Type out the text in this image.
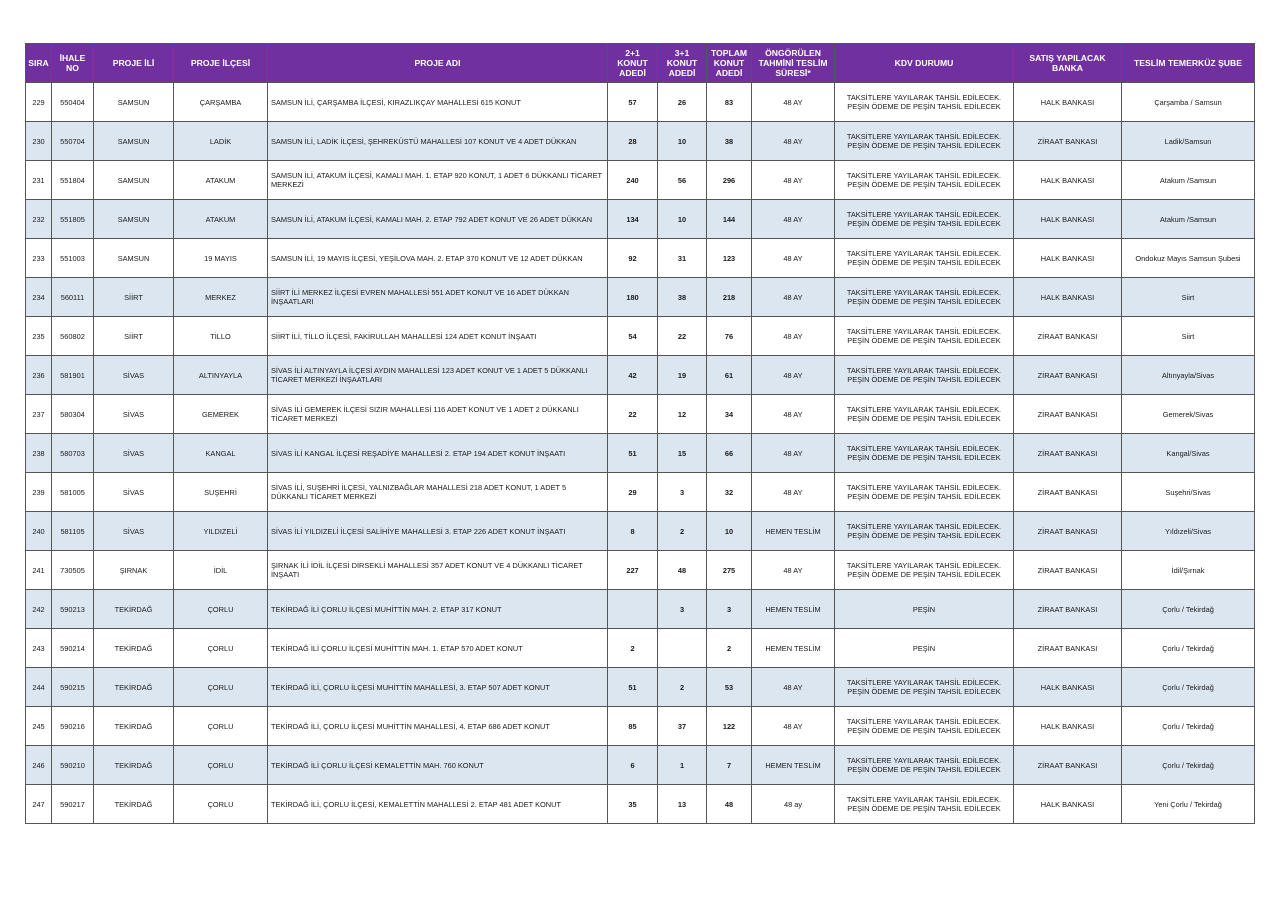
SIRA	İHALE NO	PROJE İLİ	PROJE İLÇESİ	PROJE ADI	2+1 KONUT ADEDİ	3+1 KONUT ADEDİ	TOPLAM KONUT ADEDİ	ÖNGÖRÜLEN TAHMİNİ TESLİM SÜRESİ*	KDV DURUMU	SATIŞ YAPILACAK BANKA	TESLİM TEMERKÜZ ŞUBE
229	550404	SAMSUN	ÇARŞAMBA	SAMSUN İLİ, ÇARŞAMBA İLÇESİ, KIRAZLIKÇAY MAHALLESİ 615 KONUT	57	26	83	48 AY	TAKSİTLERE YAYILARAK TAHSİL EDİLECEK. PEŞİN ÖDEME DE PEŞİN TAHSİL EDİLECEK	HALK BANKASI	Çarşamba / Samsun
230	550704	SAMSUN	LADİK	SAMSUN İLİ, LADİK İLÇESİ, ŞEHREKÜSTÜ MAHALLESİ 107 KONUT VE 4 ADET DÜKKAN	28	10	38	48 AY	TAKSİTLERE YAYILARAK TAHSİL EDİLECEK. PEŞİN ÖDEME DE PEŞİN TAHSİL EDİLECEK	ZİRAAT BANKASI	Ladik/Samsun
231	551804	SAMSUN	ATAKUM	SAMSUN İLİ, ATAKUM İLÇESİ, KAMALI MAH. 1. ETAP 920 KONUT, 1 ADET 6 DÜKKANLI TİCARET MERKEZİ	240	56	296	48 AY	TAKSİTLERE YAYILARAK TAHSİL EDİLECEK. PEŞİN ÖDEME DE PEŞİN TAHSİL EDİLECEK	HALK BANKASI	Atakum /Samsun
232	551805	SAMSUN	ATAKUM	SAMSUN İLİ, ATAKUM İLÇESİ, KAMALI MAH. 2. ETAP 792 ADET KONUT VE 26 ADET DÜKKAN	134	10	144	48 AY	TAKSİTLERE YAYILARAK TAHSİL EDİLECEK. PEŞİN ÖDEME DE PEŞİN TAHSİL EDİLECEK	HALK BANKASI	Atakum /Samsun
233	551003	SAMSUN	19 MAYIS	SAMSUN İLİ, 19 MAYIS İLÇESİ, YEŞİLOVA MAH. 2. ETAP 370 KONUT VE 12 ADET DÜKKAN	92	31	123	48 AY	TAKSİTLERE YAYILARAK TAHSİL EDİLECEK. PEŞİN ÖDEME DE PEŞİN TAHSİL EDİLECEK	HALK BANKASI	Ondokuz Mayıs Samsun Şubesi
234	560111	SİİRT	MERKEZ	SİİRT İLİ MERKEZ İLÇESİ EVREN MAHALLESİ 551 ADET KONUT VE 16 ADET DÜKKAN İNŞAATLARI	180	38	218	48 AY	TAKSİTLERE YAYILARAK TAHSİL EDİLECEK. PEŞİN ÖDEME DE PEŞİN TAHSİL EDİLECEK	HALK BANKASI	Siirt
235	560802	SİİRT	TİLLO	SİİRT İLİ, TİLLO İLÇESİ, FAKİRULLAH MAHALLESİ 124 ADET KONUT İNŞAATI	54	22	76	48 AY	TAKSİTLERE YAYILARAK TAHSİL EDİLECEK. PEŞİN ÖDEME DE PEŞİN TAHSİL EDİLECEK	ZİRAAT BANKASI	Siirt
236	581901	SİVAS	ALTINYAYLA	SİVAS İLİ ALTINYAYLA İLÇESİ AYDIN MAHALLESİ 123 ADET KONUT VE 1 ADET 5 DÜKKANLI TİCARET MERKEZİ İNŞAATLARI	42	19	61	48 AY	TAKSİTLERE YAYILARAK TAHSİL EDİLECEK. PEŞİN ÖDEME DE PEŞİN TAHSİL EDİLECEK	ZİRAAT BANKASI	Altınyayla/Sivas
237	580304	SİVAS	GEMEREK	SİVAS İLİ GEMEREK İLÇESİ SIZIR MAHALLESİ 116 ADET KONUT VE 1 ADET 2 DÜKKANLI TİCARET MERKEZİ	22	12	34	48 AY	TAKSİTLERE YAYILARAK TAHSİL EDİLECEK. PEŞİN ÖDEME DE PEŞİN TAHSİL EDİLECEK	ZİRAAT BANKASI	Gemerek/Sivas
238	580703	SİVAS	KANGAL	SİVAS İLİ KANGAL İLÇESİ REŞADİYE MAHALLESİ 2. ETAP 194 ADET KONUT İNŞAATI	51	15	66	48 AY	TAKSİTLERE YAYILARAK TAHSİL EDİLECEK. PEŞİN ÖDEME DE PEŞİN TAHSİL EDİLECEK	ZİRAAT BANKASI	Kangal/Sivas
239	581005	SİVAS	SUŞEHRİ	SİVAS İLİ, SUŞEHRİ İLÇESİ, YALNIZBAĞLAR MAHALLESİ 218 ADET KONUT, 1 ADET 5 DÜKKANLI TİCARET MERKEZİ	29	3	32	48 AY	TAKSİTLERE YAYILARAK TAHSİL EDİLECEK. PEŞİN ÖDEME DE PEŞİN TAHSİL EDİLECEK	ZİRAAT BANKASI	Suşehri/Sivas
240	581105	SİVAS	YILDIZELİ	SİVAS İLİ YILDIZELİ İLÇESİ SALİHİYE MAHALLESİ 3. ETAP 226 ADET KONUT İNŞAATI	8	2	10	HEMEN TESLİM	TAKSİTLERE YAYILARAK TAHSİL EDİLECEK. PEŞİN ÖDEME DE PEŞİN TAHSİL EDİLECEK	ZİRAAT BANKASI	Yıldızeli/Sivas
241	730505	ŞIRNAK	İDİL	ŞIRNAK İLİ İDİL İLÇESİ DİRSEKLİ MAHALLESİ 357 ADET KONUT VE 4 DÜKKANLI TİCARET İNŞAATI	227	48	275	48 AY	TAKSİTLERE YAYILARAK TAHSİL EDİLECEK. PEŞİN ÖDEME DE PEŞİN TAHSİL EDİLECEK	ZİRAAT BANKASI	İdil/Şırnak
242	590213	TEKİRDAĞ	ÇORLU	TEKİRDAĞ İLİ ÇORLU İLÇESİ MUHİTTİN MAH. 2. ETAP 317 KONUT		3	3	HEMEN TESLİM	PEŞİN	ZİRAAT BANKASI	Çorlu / Tekirdağ
243	590214	TEKİRDAĞ	ÇORLU	TEKİRDAĞ İLİ ÇORLU İLÇESİ MUHİTTİN MAH. 1. ETAP 570 ADET KONUT	2		2	HEMEN TESLİM	PEŞİN	ZİRAAT BANKASI	Çorlu / Tekirdağ
244	590215	TEKİRDAĞ	ÇORLU	TEKİRDAĞ İLİ, ÇORLU İLÇESİ MUHİTTİN MAHALLESİ, 3. ETAP 507 ADET KONUT	51	2	53	48 AY	TAKSİTLERE YAYILARAK TAHSİL EDİLECEK. PEŞİN ÖDEME DE PEŞİN TAHSİL EDİLECEK	HALK BANKASI	Çorlu / Tekirdağ
245	590216	TEKİRDAĞ	ÇORLU	TEKİRDAĞ İLİ, ÇORLU İLÇESİ MUHİTTİN MAHALLESİ, 4. ETAP 686 ADET KONUT	85	37	122	48 AY	TAKSİTLERE YAYILARAK TAHSİL EDİLECEK. PEŞİN ÖDEME DE PEŞİN TAHSİL EDİLECEK	HALK BANKASI	Çorlu / Tekirdağ
246	590210	TEKİRDAĞ	ÇORLU	TEKİRDAĞ İLİ ÇORLU İLÇESİ KEMALETTİN MAH. 760 KONUT	6	1	7	HEMEN TESLİM	TAKSİTLERE YAYILARAK TAHSİL EDİLECEK. PEŞİN ÖDEME DE PEŞİN TAHSİL EDİLECEK	ZİRAAT BANKASI	Çorlu / Tekirdağ
247	590217	TEKİRDAĞ	ÇORLU	TEKİRDAĞ İLİ, ÇORLU İLÇESİ, KEMALETTİN MAHALLESİ 2. ETAP 481 ADET KONUT	35	13	48	48 ay	TAKSİTLERE YAYILARAK TAHSİL EDİLECEK. PEŞİN ÖDEME DE PEŞİN TAHSİL EDİLECEK	HALK BANKASI	Yeni Çorlu / Tekirdağ
